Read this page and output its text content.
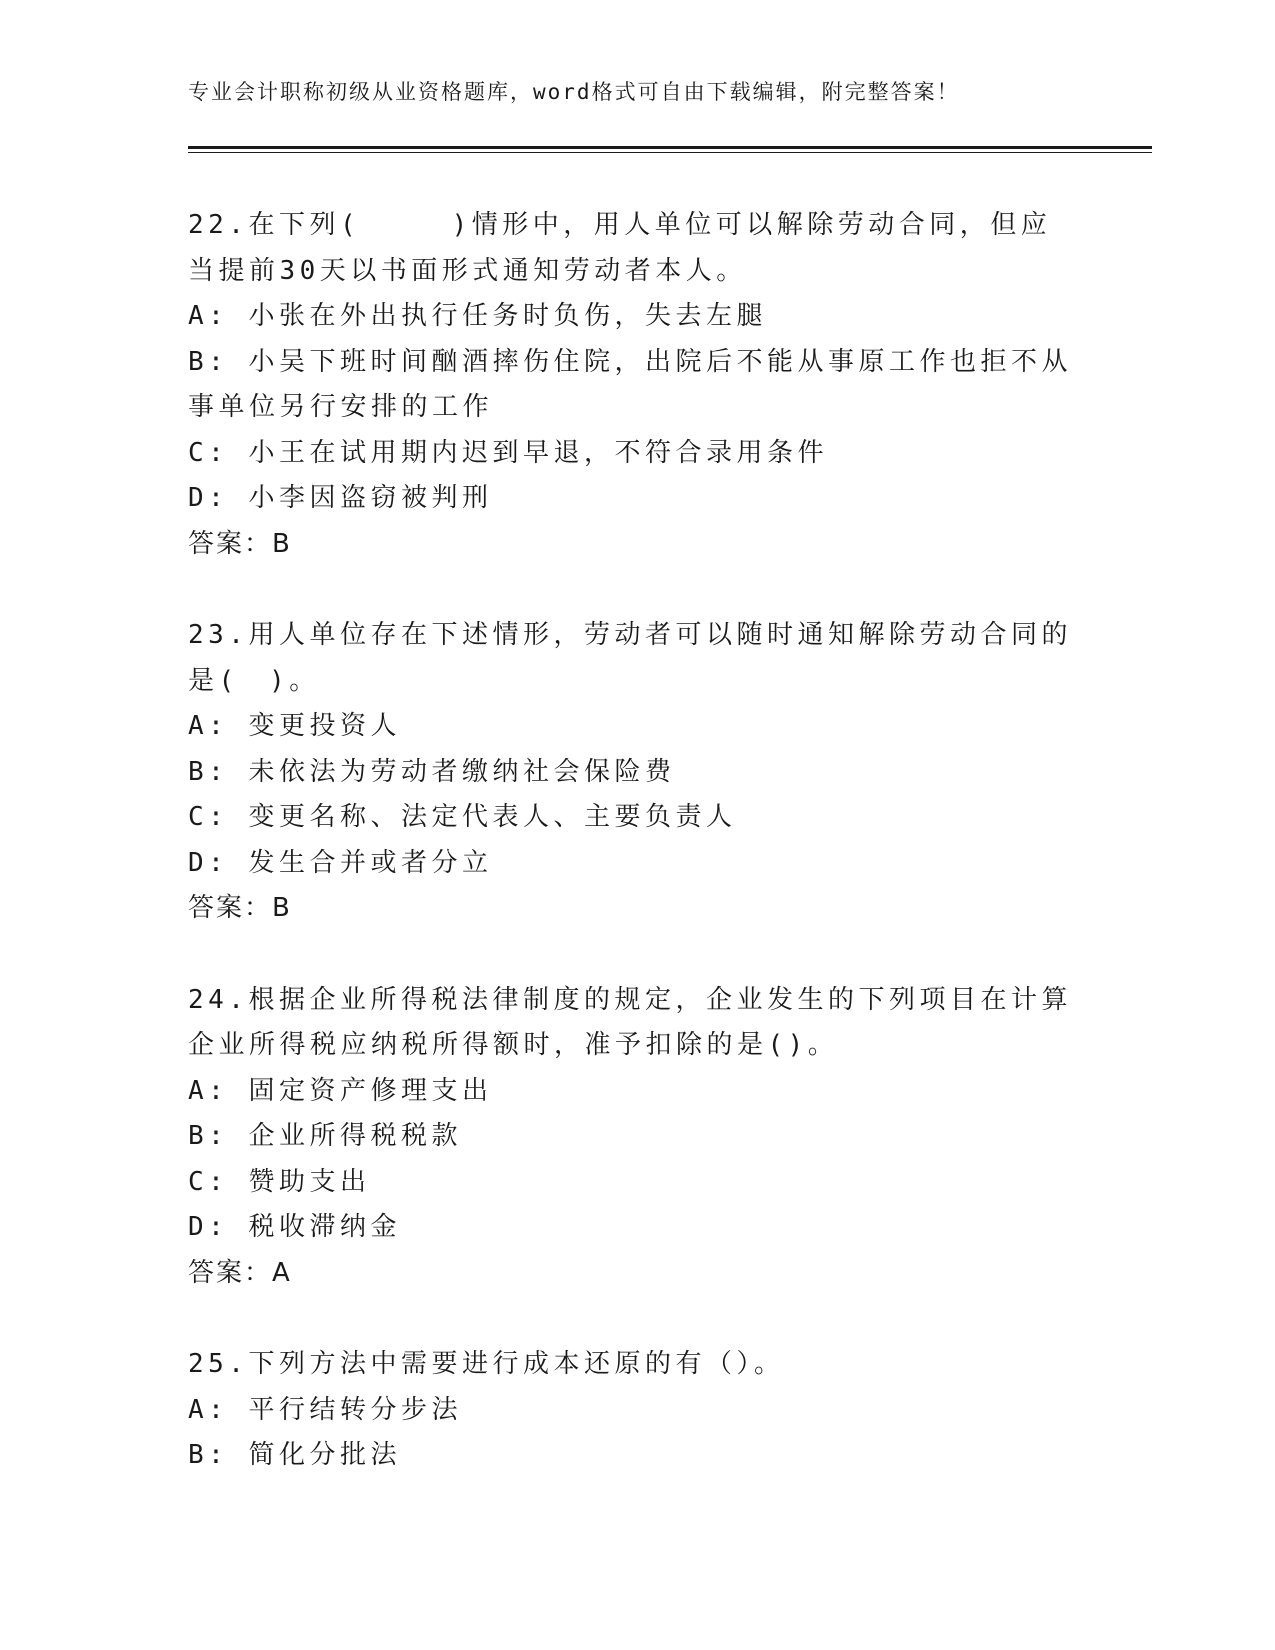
专业会计职称初级从业资格题库，word格式可自由下载编辑，附完整答案！

22.在下列(　　　)情形中，用人单位可以解除劳动合同，但应当提前30天以书面形式通知劳动者本人。

A: 小张在外出执行任务时负伤，失去左腿

B: 小吴下班时间酗酒摔伤住院，出院后不能从事原工作也拒不从事单位另行安排的工作

C: 小王在试用期内迟到早退，不符合录用条件

D: 小李因盗窃被判刑

答案：B

23.用人单位存在下述情形，劳动者可以随时通知解除劳动合同的是(　)。

A: 变更投资人

B: 未依法为劳动者缴纳社会保险费

C: 变更名称、法定代表人、主要负责人

D: 发生合并或者分立

答案：B

24.根据企业所得税法律制度的规定，企业发生的下列项目在计算企业所得税应纳税所得额时，准予扣除的是()。

A: 固定资产修理支出

B: 企业所得税税款

C: 赞助支出

D: 税收滞纳金

答案：A

25.下列方法中需要进行成本还原的有（）。

A: 平行结转分步法

B: 简化分批法
